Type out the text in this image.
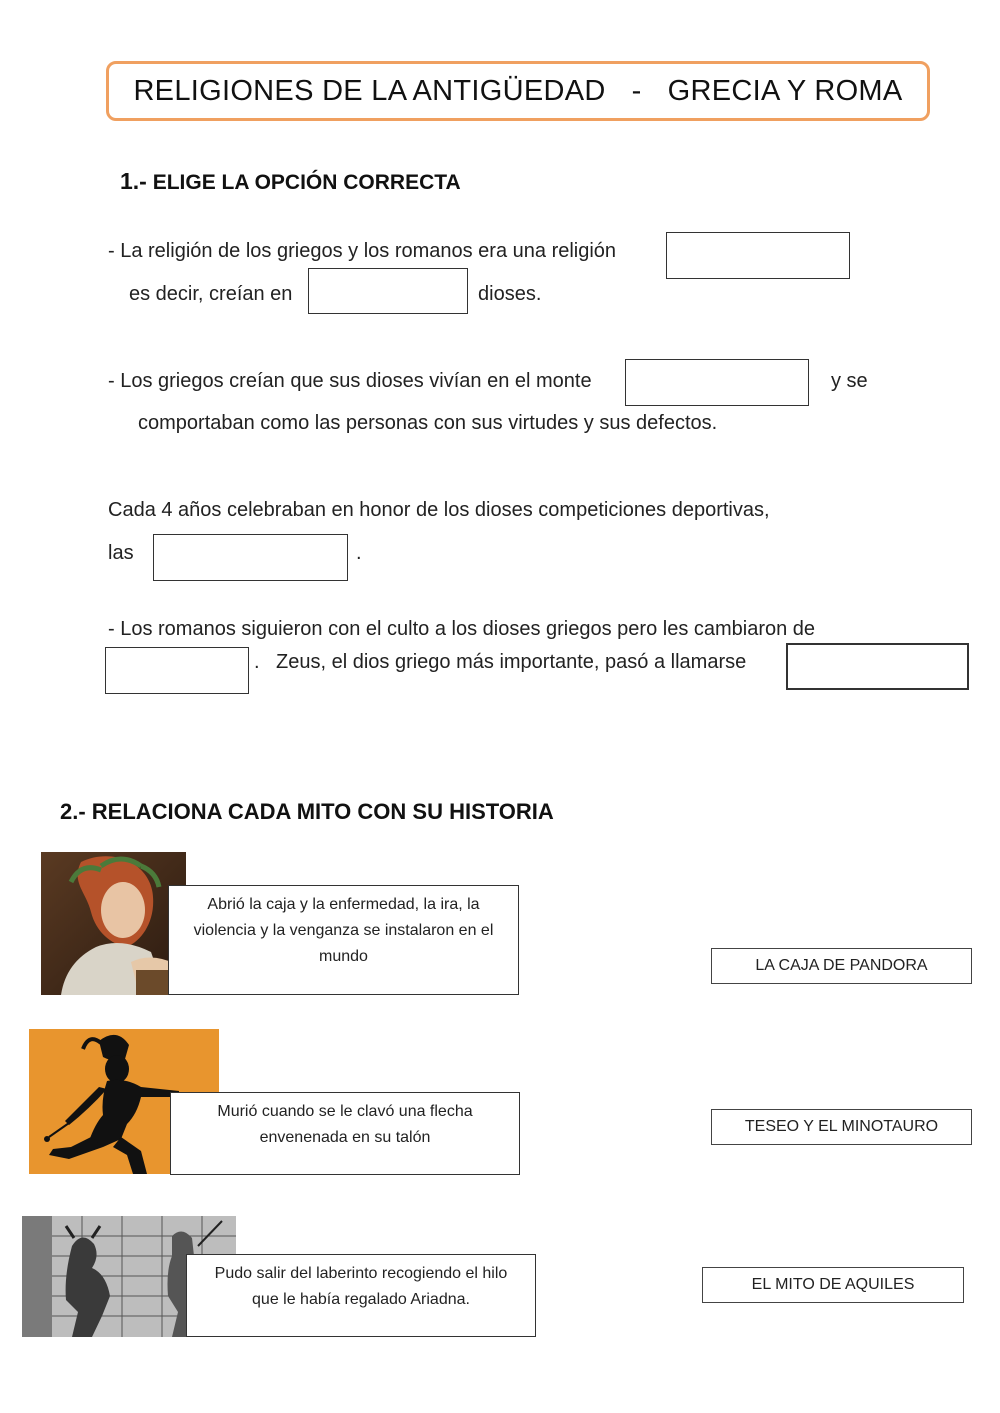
RELIGIONES DE LA ANTIGÜEDAD - GRECIA Y ROMA
1.- ELIGE LA OPCIÓN CORRECTA
- La religión de los griegos y los romanos era una religión
es decir, creían en	dioses.
- Los griegos creían que sus dioses vivían en el monte	y se
comportaban como las personas con sus virtudes y sus defectos.
Cada 4 años celebraban en honor de los dioses competiciones deportivas,
las	.
- Los romanos siguieron con el culto a los dioses griegos pero les cambiaron de
. Zeus, el dios griego más importante, pasó a llamarse
2.- RELACIONA CADA MITO CON SU HISTORIA
Abrió la caja y la enfermedad, la ira, la violencia y la venganza se instalaron en el mundo
LA CAJA DE PANDORA
Murió cuando se le clavó una flecha envenenada en su talón
TESEO Y EL MINOTAURO
Pudo salir del laberinto recogiendo el hilo que le había regalado Ariadna.
EL MITO DE AQUILES
